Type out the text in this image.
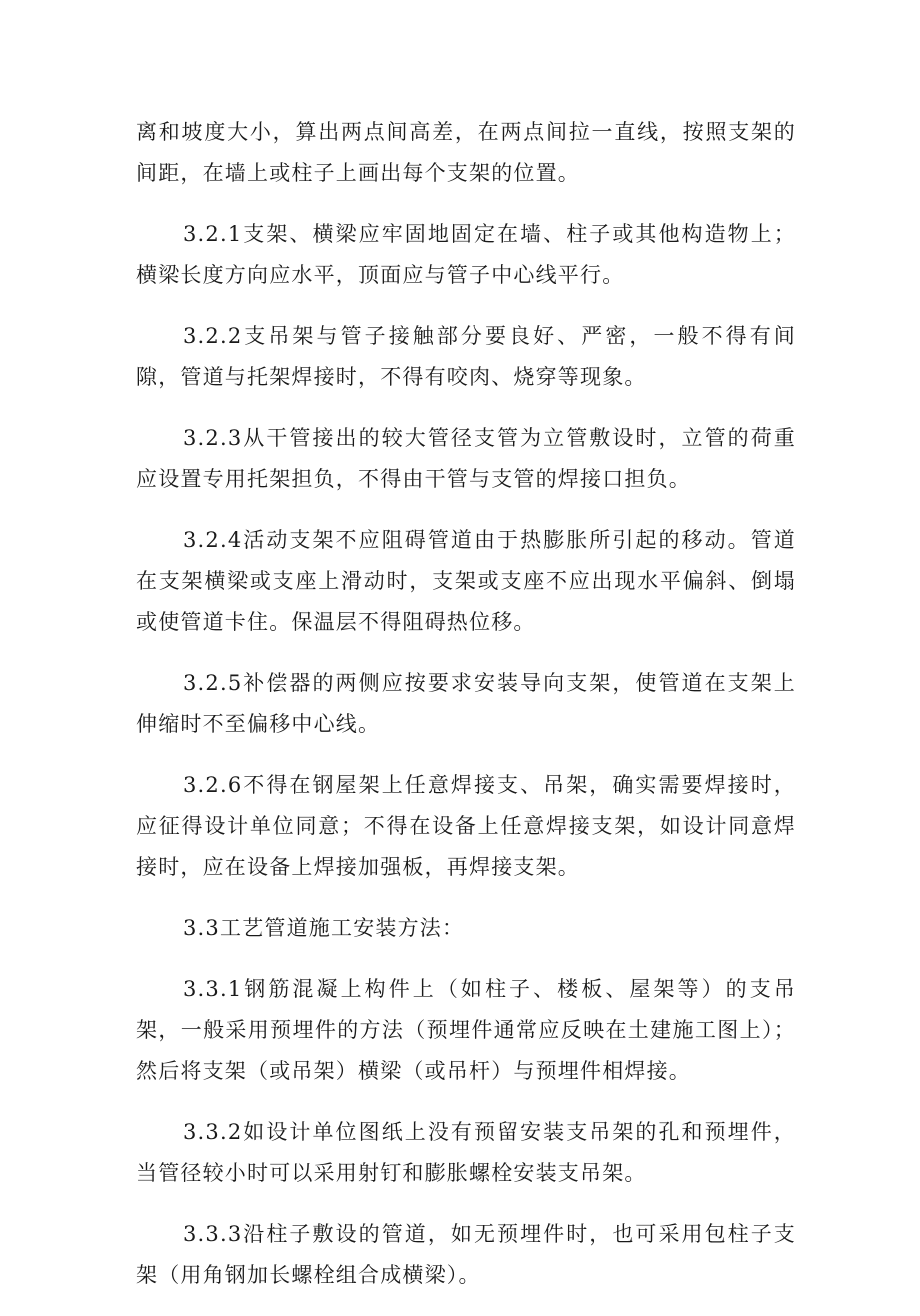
离和坡度大小，算出两点间高差，在两点间拉一直线，按照支架的间距，在墙上或柱子上画出每个支架的位置。

3.2.1支架、横梁应牢固地固定在墙、柱子或其他构造物上；横梁长度方向应水平，顶面应与管子中心线平行。

3.2.2支吊架与管子接触部分要良好、严密，一般不得有间隙，管道与托架焊接时，不得有咬肉、烧穿等现象。

3.2.3从干管接出的较大管径支管为立管敷设时，立管的荷重应设置专用托架担负，不得由干管与支管的焊接口担负。

3.2.4活动支架不应阻碍管道由于热膨胀所引起的移动。管道在支架横梁或支座上滑动时，支架或支座不应出现水平偏斜、倒塌或使管道卡住。保温层不得阻碍热位移。

3.2.5补偿器的两侧应按要求安装导向支架，使管道在支架上伸缩时不至偏移中心线。

3.2.6不得在钢屋架上任意焊接支、吊架，确实需要焊接时，应征得设计单位同意；不得在设备上任意焊接支架，如设计同意焊接时，应在设备上焊接加强板，再焊接支架。

3.3工艺管道施工安装方法：

3.3.1钢筋混凝上构件上（如柱子、楼板、屋架等）的支吊架，一般采用预埋件的方法（预埋件通常应反映在土建施工图上）；然后将支架（或吊架）横梁（或吊杆）与预埋件相焊接。

3.3.2如设计单位图纸上没有预留安装支吊架的孔和预埋件，当管径较小时可以采用射钉和膨胀螺栓安装支吊架。

3.3.3沿柱子敷设的管道，如无预埋件时，也可采用包柱子支架（用角钢加长螺栓组合成横梁）。
